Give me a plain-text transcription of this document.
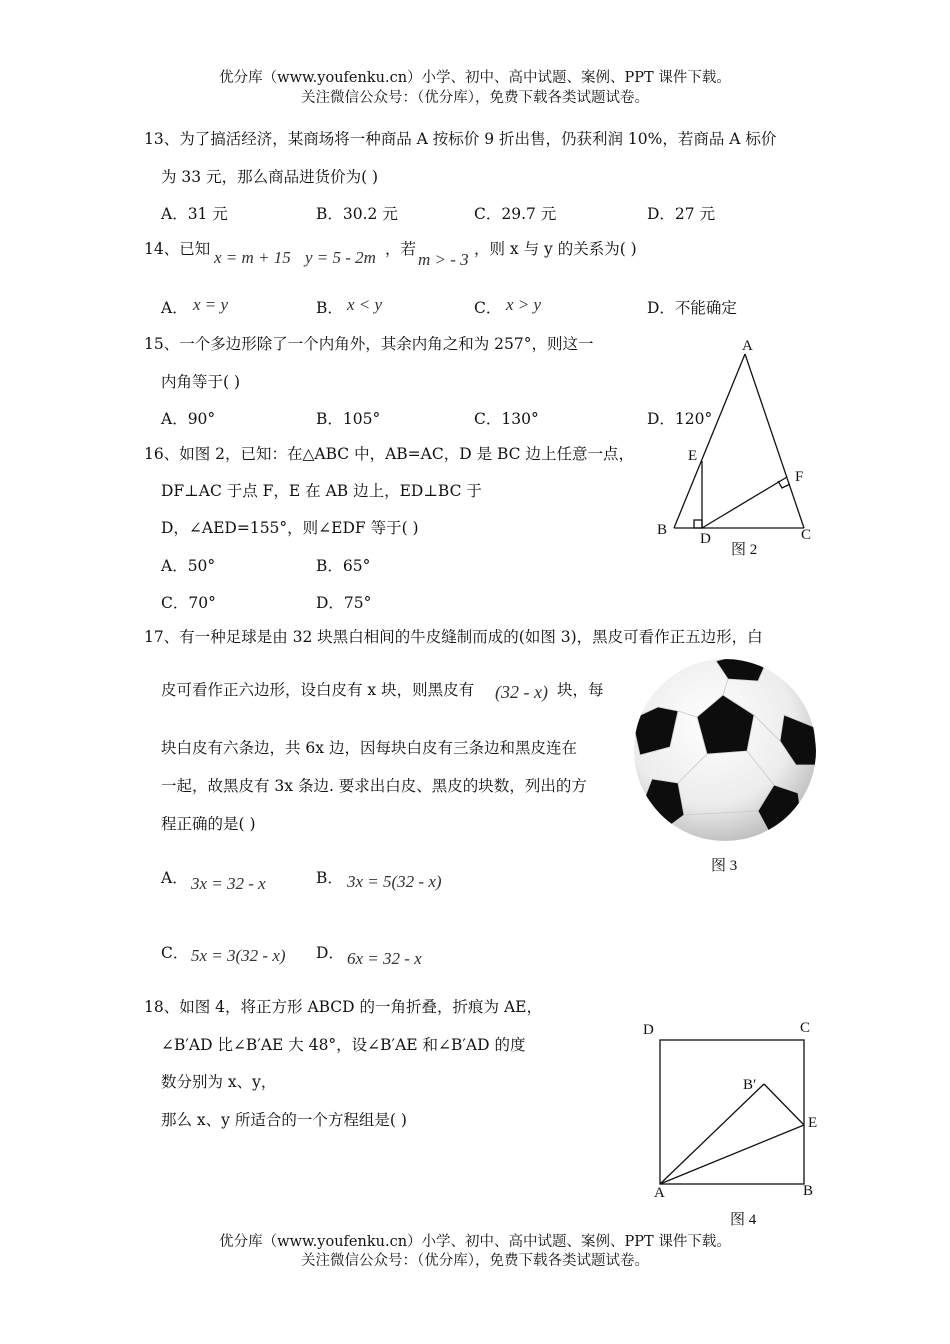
优分库（www.youfenku.cn）小学、初中、高中试题、案例、PPT 课件下载。
关注微信公众号：（优分库），免费下载各类试题试卷。
13、为了搞活经济，某商场将一种商品 A 按标价 9 折出售，仍获利润 10%，若商品 A 标价
为 33 元，那么商品进货价为( )
A．31 元	B．30.2 元	C．29.7 元	D．27 元
14、已知 x = m + 15 y = 5 - 2m ，若
m > - 3
，则 x 与 y 的关系为( )
A． x = y	B． x < y	C． x > y	D．不能确定
15、一个多边形除了一个内角外，其余内角之和为 257°，则这一
内角等于( )
A．90°	B．105°	C．130°	D．120°
A
E
F
B
D	C
图 2
16、如图 2，已知：在△ABC 中，AB=AC，D 是 BC 边上任意一点，
DF⊥AC 于点 F，E 在 AB 边上，ED⊥BC 于
D，∠AED=155°，则∠EDF 等于( )
A．50°	B．65°
C．70°	D．75°
17、有一种足球是由 32 块黑白相间的牛皮缝制而成的(如图 3)，黑皮可看作正五边形，白
皮可看作正六边形，设白皮有 x 块，则黑皮有 (32 - x) 块，每
块白皮有六条边，共 6x 边，因每块白皮有三条边和黑皮连在
一起，故黑皮有 3x 条边. 要求出白皮、黑皮的块数，列出的方
程正确的是( )
A． 3x = 32 - x	B． 3x = 5(32 - x)
C． 5x = 3(32 - x) D． 6x = 32 - x
图 3
18、如图 4，将正方形 ABCD 的一角折叠，折痕为 AE，
∠B′AD 比∠B′AE 大 48°，设∠B′AE 和∠B′AD 的度
数分别为 x、y，
那么 x、y 所适合的一个方程组是( )
D	C
B′
E
A	B
图 4
优分库（www.youfenku.cn）小学、初中、高中试题、案例、PPT 课件下载。
关注微信公众号：（优分库），免费下载各类试题试卷。
